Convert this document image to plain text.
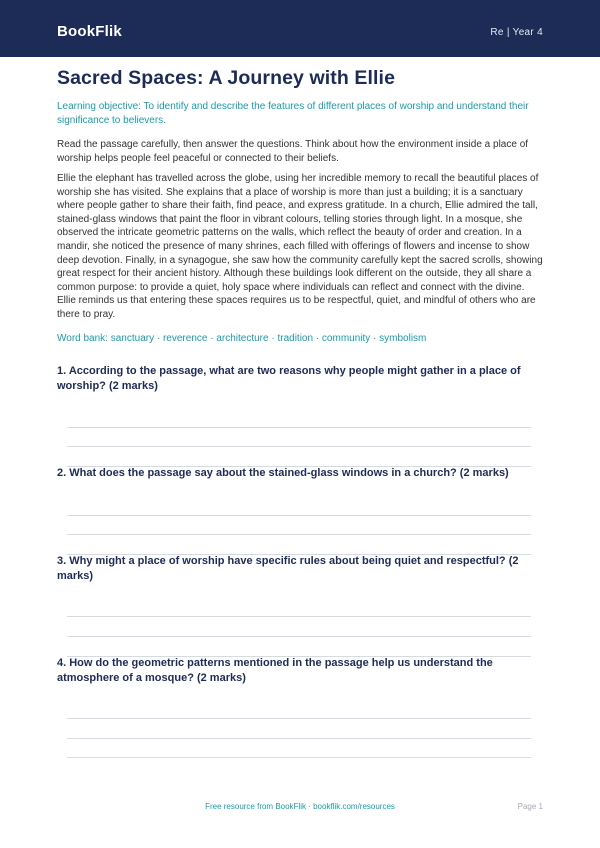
BookFlik	Re | Year 4
Sacred Spaces: A Journey with Ellie

Learning objective: To identify and describe the features of different places of worship and understand their significance to believers.

Read the passage carefully, then answer the questions. Think about how the environment inside a place of worship helps people feel peaceful or connected to their beliefs.

Ellie the elephant has travelled across the globe, using her incredible memory to recall the beautiful places of worship she has visited. She explains that a place of worship is more than just a building; it is a sanctuary where people gather to share their faith, find peace, and express gratitude. In a church, Ellie admired the tall, stained-glass windows that paint the floor in vibrant colours, telling stories through light. In a mosque, she observed the intricate geometric patterns on the walls, which reflect the beauty of order and creation. In a mandir, she noticed the presence of many shrines, each filled with offerings of flowers and incense to show deep devotion. Finally, in a synagogue, she saw how the community carefully kept the sacred scrolls, showing great respect for their ancient history. Although these buildings look different on the outside, they all share a common purpose: to provide a quiet, holy space where individuals can reflect and connect with the divine. Ellie reminds us that entering these spaces requires us to be respectful, quiet, and mindful of others who are there to pray.

Word bank: sanctuary · reverence · architecture · tradition · community · symbolism

1. According to the passage, what are two reasons why people might gather in a place of worship? (2 marks)
2. What does the passage say about the stained-glass windows in a church? (2 marks)
3. Why might a place of worship have specific rules about being quiet and respectful? (2 marks)
4. How do the geometric patterns mentioned in the passage help us understand the atmosphere of a mosque? (2 marks)
Free resource from BookFlik · bookflik.com/resources	Page 1
